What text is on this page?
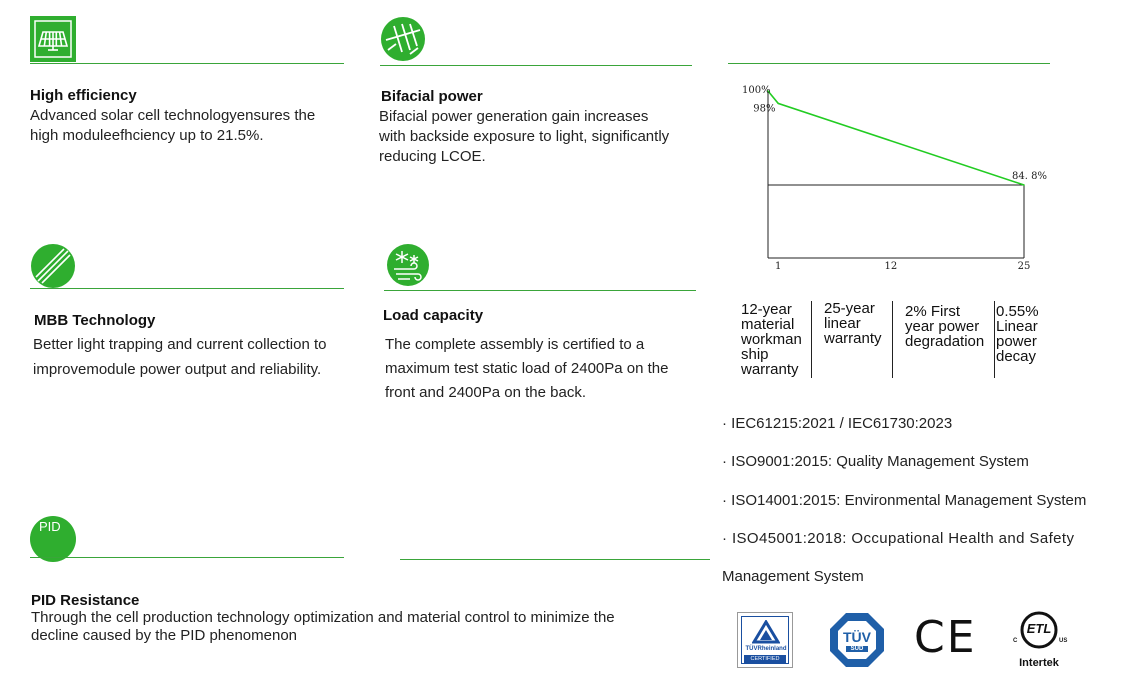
High efficiency
Advanced solar cell technologyensures the high moduleefhciency up to 21.5%.
Bifacial power
Bifacial power generation gain increases with backside exposure to light, significantly reducing LCOE.
MBB Technology
Better light trapping and current collection to improvemodule power output and reliability.
Load capacity
The complete assembly is certified to a maximum test static load of 2400Pa on the front and 2400Pa on the back.
PID
PID Resistance
Through the cell production technology optimization and material control to minimize the decline caused by the PID phenomenon
100%
98%
84. 8%
1	12	25
12-year material workman ship warranty
25-year linear warranty
2% First year power degradation
0.55% Linear power decay
· IEC61215:2021 / IEC61730:2023
· ISO9001:2015: Quality Management System
· ISO14001:2015: Environmental Management System
· ISO45001:2018: Occupational Health and Safety
Management System
TÜVRheinland
CERTIFIED
TÜV
SÜD CE	ETL
C	US
Intertek
